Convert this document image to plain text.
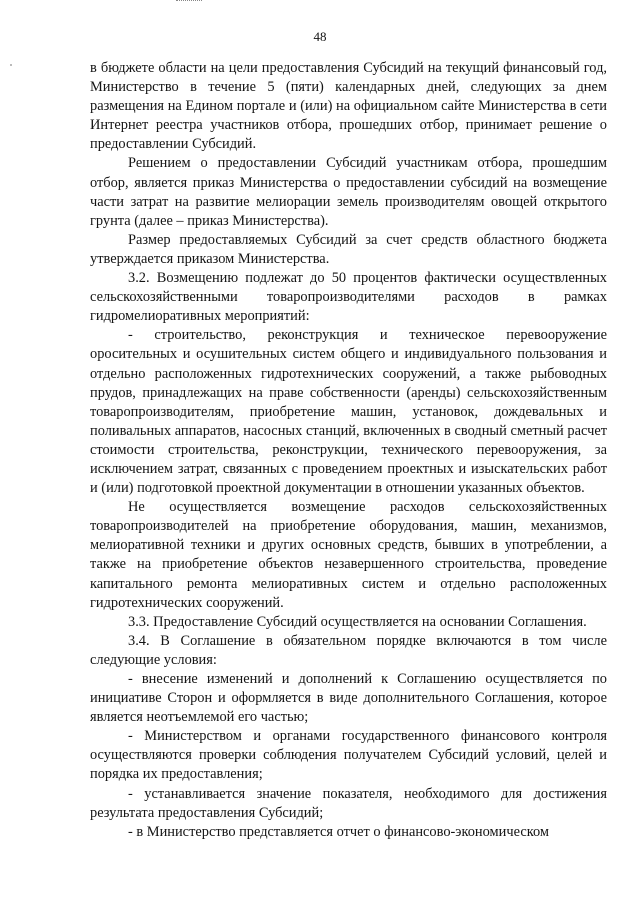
48

в бюджете области на цели предоставления Субсидий на текущий финансовый год, Министерство в течение 5 (пяти) календарных дней, следующих за днем размещения на Едином портале и (или) на официальном сайте Министерства в сети Интернет реестра участников отбора, прошедших отбор, принимает решение о предоставлении Субсидий.

Решением о предоставлении Субсидий участникам отбора, прошедшим отбор, является приказ Министерства о предоставлении субсидий на возмещение части затрат на развитие мелиорации земель производителям овощей открытого грунта (далее – приказ Министерства).

Размер предоставляемых Субсидий за счет средств областного бюджета утверждается приказом Министерства.

3.2. Возмещению подлежат до 50 процентов фактически осуществленных сельскохозяйственными товаропроизводителями расходов в рамках гидромелиоративных мероприятий:

- строительство, реконструкция и техническое перевооружение оросительных и осушительных систем общего и индивидуального пользования и отдельно расположенных гидротехнических сооружений, а также рыбоводных прудов, принадлежащих на праве собственности (аренды) сельскохозяйственным товаропроизводителям, приобретение машин, установок, дождевальных и поливальных аппаратов, насосных станций, включенных в сводный сметный расчет стоимости строительства, реконструкции, технического перевооружения, за исключением затрат, связанных с проведением проектных и изыскательских работ и (или) подготовкой проектной документации в отношении указанных объектов.

Не осуществляется возмещение расходов сельскохозяйственных товаропроизводителей на приобретение оборудования, машин, механизмов, мелиоративной техники и других основных средств, бывших в употреблении, а также на приобретение объектов незавершенного строительства, проведение капитального ремонта мелиоративных систем и отдельно расположенных гидротехнических сооружений.

3.3. Предоставление Субсидий осуществляется на основании Соглашения.

3.4. В Соглашение в обязательном порядке включаются в том числе следующие условия:

- внесение изменений и дополнений к Соглашению осуществляется по инициативе Сторон и оформляется в виде дополнительного Соглашения, которое является неотъемлемой его частью;

- Министерством и органами государственного финансового контроля осуществляются проверки соблюдения получателем Субсидий условий, целей и порядка их предоставления;

- устанавливается значение показателя, необходимого для достижения результата предоставления Субсидий;

- в Министерство представляется отчет о финансово-экономическом
